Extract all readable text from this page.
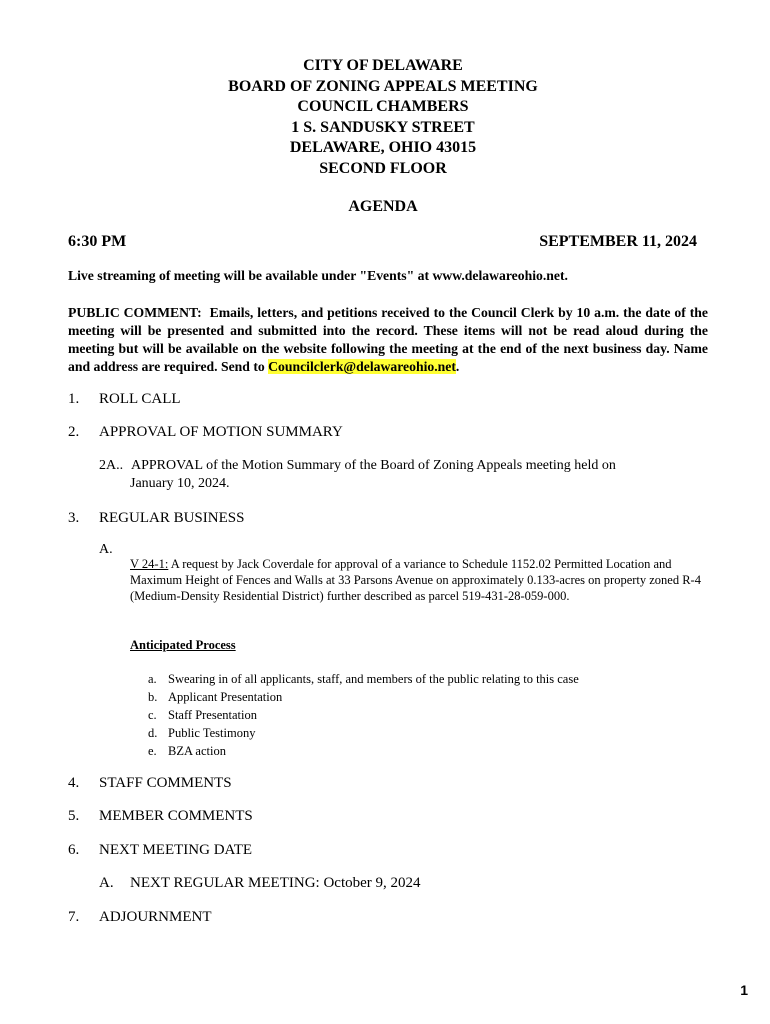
CITY OF DELAWARE
BOARD OF ZONING APPEALS MEETING
COUNCIL CHAMBERS
1 S. SANDUSKY STREET
DELAWARE, OHIO 43015
SECOND FLOOR
AGENDA
6:30 PM	SEPTEMBER 11, 2024
Live streaming of meeting will be available under "Events" at www.delawareohio.net.
PUBLIC COMMENT: Emails, letters, and petitions received to the Council Clerk by 10 a.m. the date of the meeting will be presented and submitted into the record. These items will not be read aloud during the meeting but will be available on the website following the meeting at the end of the next business day. Name and address are required. Send to Councilclerk@delawareohio.net.
1. ROLL CALL
2. APPROVAL OF MOTION SUMMARY
2A.. APPROVAL of the Motion Summary of the Board of Zoning Appeals meeting held on
January 10, 2024.
3. REGULAR BUSINESS
A.
V 24-1: A request by Jack Coverdale for approval of a variance to Schedule 1152.02 Permitted Location and Maximum Height of Fences and Walls at 33 Parsons Avenue on approximately 0.133-acres on property zoned R-4 (Medium-Density Residential District) further described as parcel 519-431-28-059-000.
Anticipated Process
a. Swearing in of all applicants, staff, and members of the public relating to this case
b. Applicant Presentation
c. Staff Presentation
d. Public Testimony
e. BZA action
4. STAFF COMMENTS
5. MEMBER COMMENTS
6. NEXT MEETING DATE
A. NEXT REGULAR MEETING: October 9, 2024
7. ADJOURNMENT
1
